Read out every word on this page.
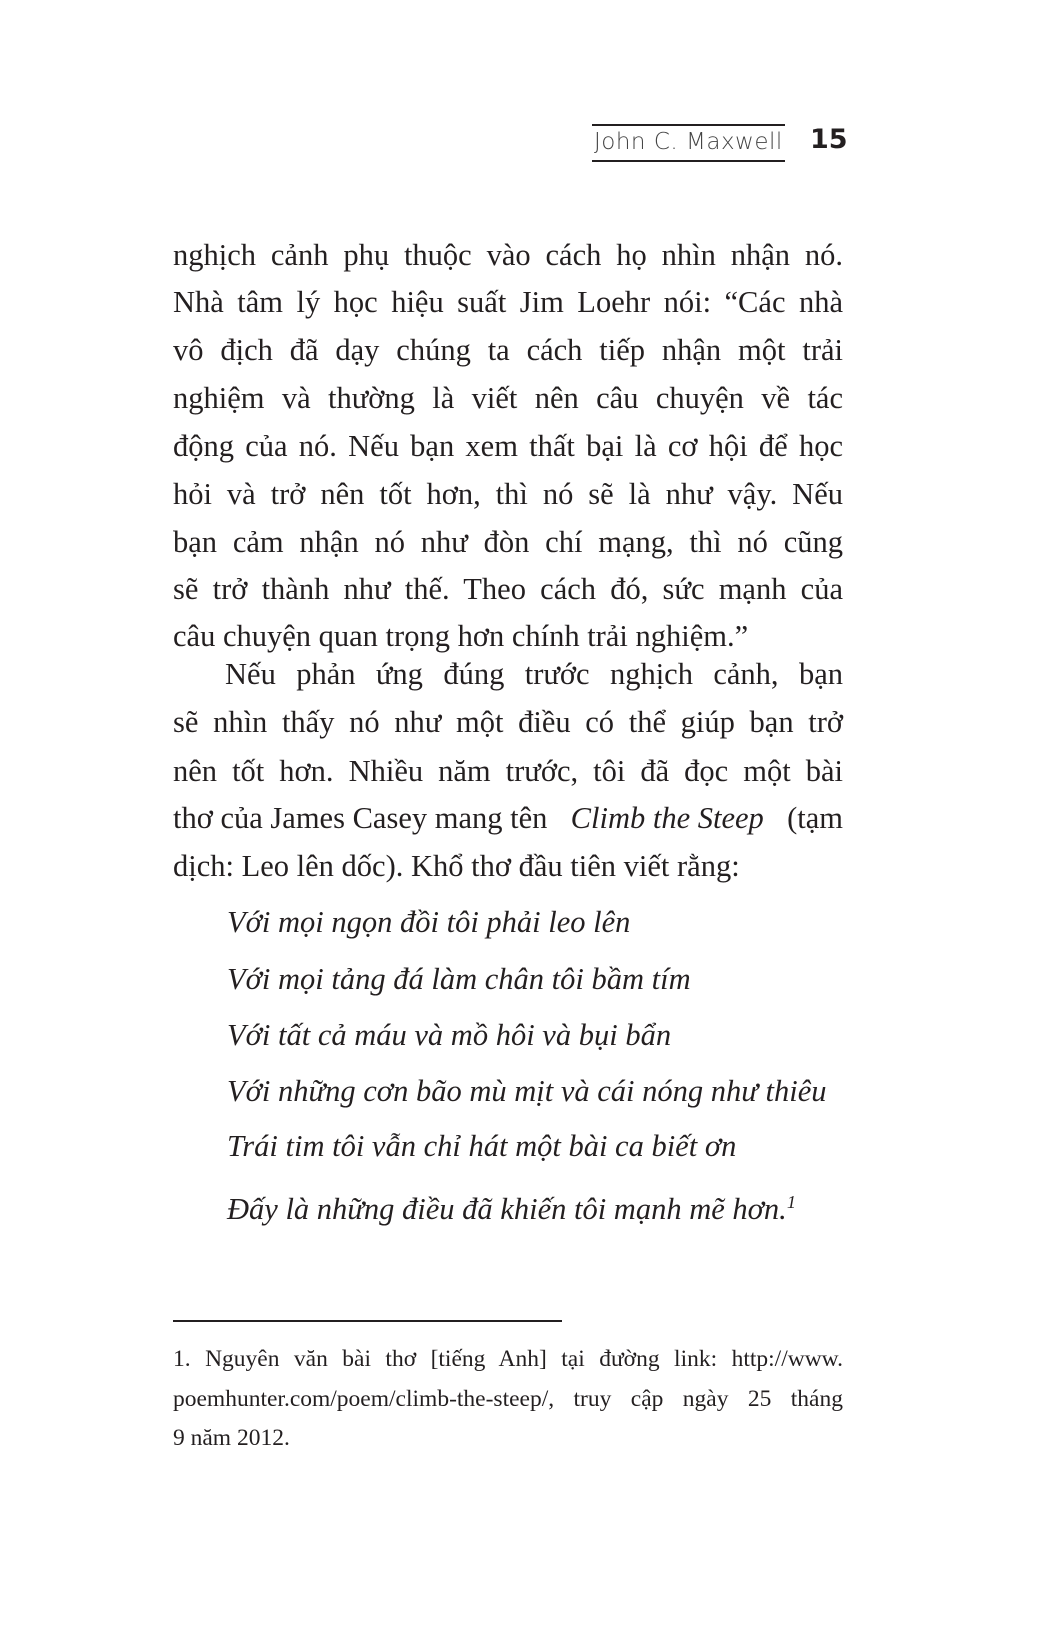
John C. Maxwell 15
nghịch cảnh phụ thuộc vào cách họ nhìn nhận nó.
Nhà tâm lý học hiệu suất Jim Loehr nói: “Các nhà
vô địch đã dạy chúng ta cách tiếp nhận một trải
nghiệm và thường là viết nên câu chuyện về tác
động của nó. Nếu bạn xem thất bại là cơ hội để học
hỏi và trở nên tốt hơn, thì nó sẽ là như vậy. Nếu
bạn cảm nhận nó như đòn chí mạng, thì nó cũng
sẽ trở thành như thế. Theo cách đó, sức mạnh của
câu chuyện quan trọng hơn chính trải nghiệm.”
Nếu phản ứng đúng trước nghịch cảnh, bạn
sẽ nhìn thấy nó như một điều có thể giúp bạn trở
nên tốt hơn. Nhiều năm trước, tôi đã đọc một bài
thơ của James Casey mang tên Climb the Steep (tạm
dịch: Leo lên dốc). Khổ thơ đầu tiên viết rằng:
Với mọi ngọn đồi tôi phải leo lên
Với mọi tảng đá làm chân tôi bầm tím
Với tất cả máu và mồ hôi và bụi bẩn
Với những cơn bão mù mịt và cái nóng như thiêu
Trái tim tôi vẫn chỉ hát một bài ca biết ơn
Đấy là những điều đã khiến tôi mạnh mẽ hơn.$^1$
1. Nguyên văn bài thơ [tiếng Anh] tại đường link: http://www.
poemhunter.com/poem/climb-the-steep/, truy cập ngày 25 tháng
9 năm 2012.
